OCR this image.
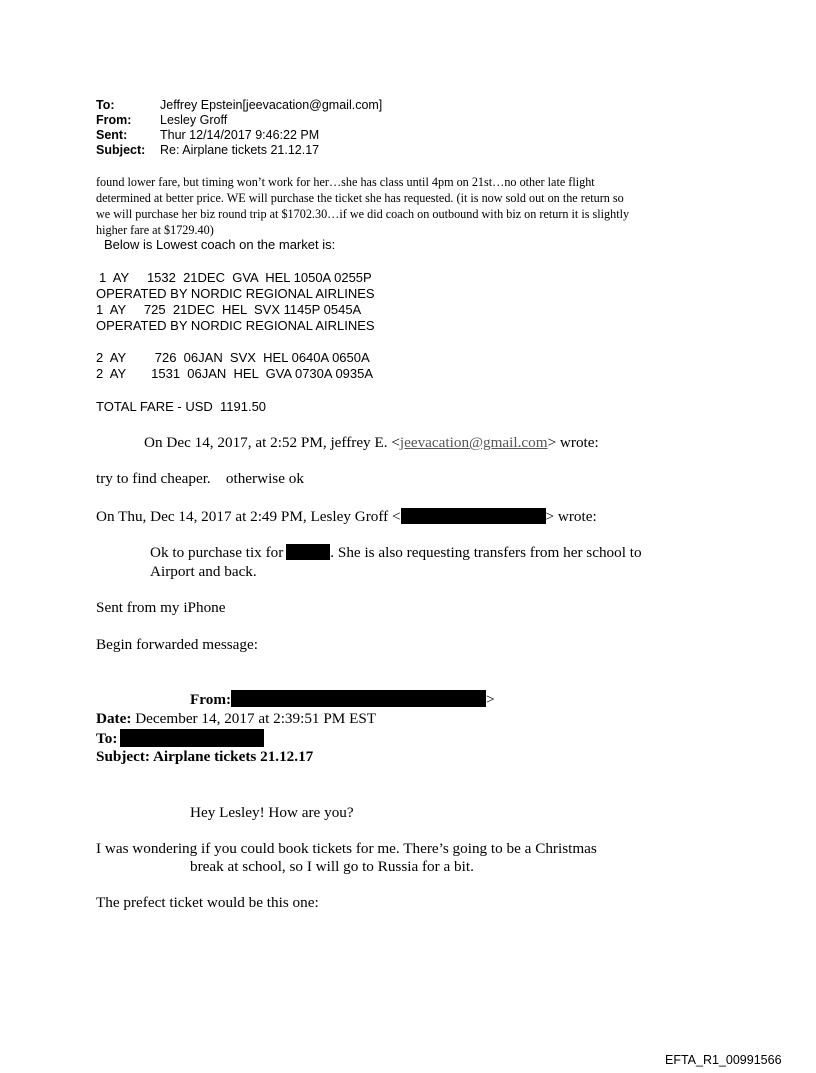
To:	Jeffrey Epstein[jeevacation@gmail.com]
From: Lesley Groff
Sent:	Thur 12/14/2017 9:46:22 PM
Subject: Re: Airplane tickets 21.12.17
found lower fare, but timing won’t work for her…she has class until 4pm on 21st…no other late flight
determined at better price. WE will purchase the ticket she has requested. (it is now sold out on the return so
we will purchase her biz round trip at $1702.30…if we did coach on outbound with biz on return it is slightly
higher fare at $1729.40)
Below is Lowest coach on the market is:
1  AY     1532  21DEC  GVA  HEL 1050A 0255P
OPERATED BY NORDIC REGIONAL AIRLINES
1  AY     725  21DEC  HEL  SVX 1145P 0545A
OPERATED BY NORDIC REGIONAL AIRLINES
2  AY        726  06JAN  SVX  HEL 0640A 0650A
2  AY       1531  06JAN  HEL  GVA 0730A 0935A
TOTAL FARE - USD  1191.50
On Dec 14, 2017, at 2:52 PM, jeffrey E. <jeevacation@gmail.com> wrote:
try to find cheaper.    otherwise ok
On Thu, Dec 14, 2017 at 2:49 PM, Lesley Groff <	> wrote:
Ok to purchase tix for	. She is also requesting transfers from her school to
Airport and back.
Sent from my iPhone
Begin forwarded message:
From:	>
Date: December 14, 2017 at 2:39:51 PM EST
To:
Subject: Airplane tickets 21.12.17
Hey Lesley! How are you?
I was wondering if you could book tickets for me. There’s going to be a Christmas
break at school, so I will go to Russia for a bit.
The prefect ticket would be this one:
EFTA_R1_00991566
